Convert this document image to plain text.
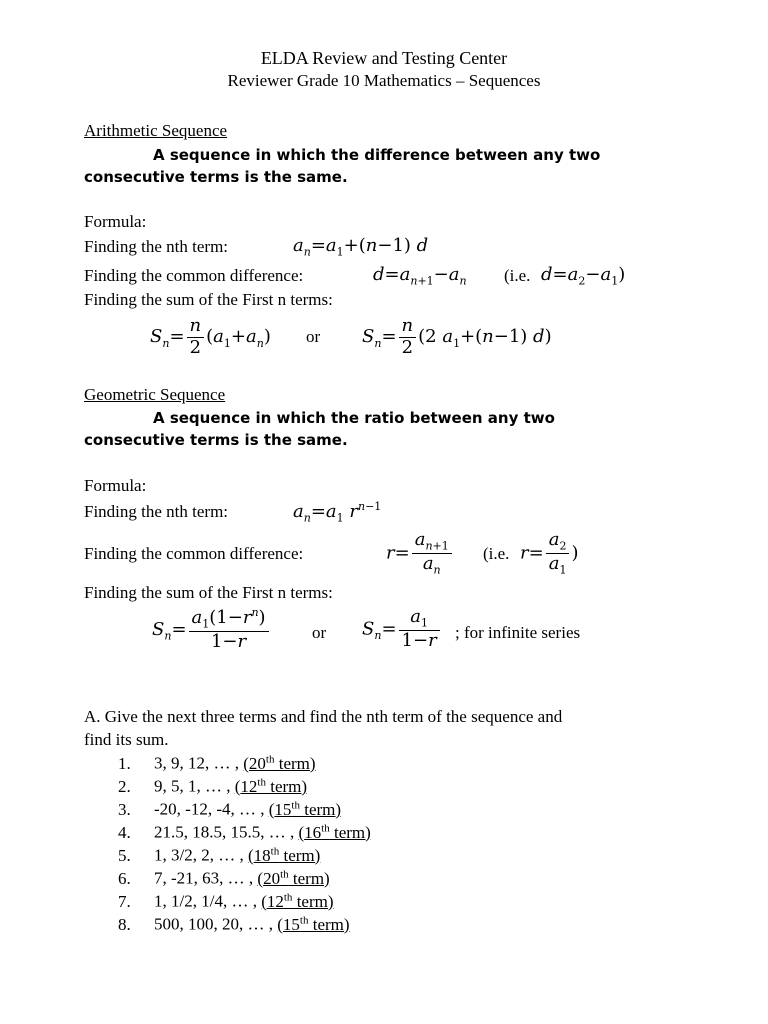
ELDA Review and Testing Center
Reviewer Grade 10 Mathematics – Sequences
Arithmetic Sequence
A sequence in which the difference between any two
consecutive terms is the same.
Formula:
Finding the nth term:	$a_n=a_1+(n-1)$ d
Finding the common difference:	$d=a_{n+1}-a_n$ (i.e. $d=a_2-a_1$)
Finding the sum of the First n terms:
$S_n= \frac{n}{2} (a_1+a_n)$ or $S_n= \frac{n}{2} (2$ $a_1+(n-1)$ d)
Geometric Sequence
A sequence in which the ratio between any two
consecutive terms is the same.
Formula:
Finding the nth term:	$a_n=a_1$ $r^{n-1}$
Finding the common difference:	$r= \frac{a_{n+1}}{a_n} (i.e$. $r= \frac{a_2}{a_1}$ )
Finding the sum of the First n terms:
$S_n= \frac{a_1(1-r^n)}{1-r}$	or $S_n= \frac{a_1}{1-r}$ ; for infinite series
A. Give the next three terms and find the nth term of the sequence and
find its sum.
1. 3, 9, 12, … , (20th term)
2. 9, 5, 1, … , (12th term)
3. -20, -12, -4, … , (15th term)
4. 21.5, 18.5, 15.5, … , (16th term)
5. 1, 3/2, 2, … , (18th term)
6. 7, -21, 63, … , (20th term)
7. 1, 1/2, 1/4, … , (12th term)
8. 500, 100, 20, … , (15th term)
